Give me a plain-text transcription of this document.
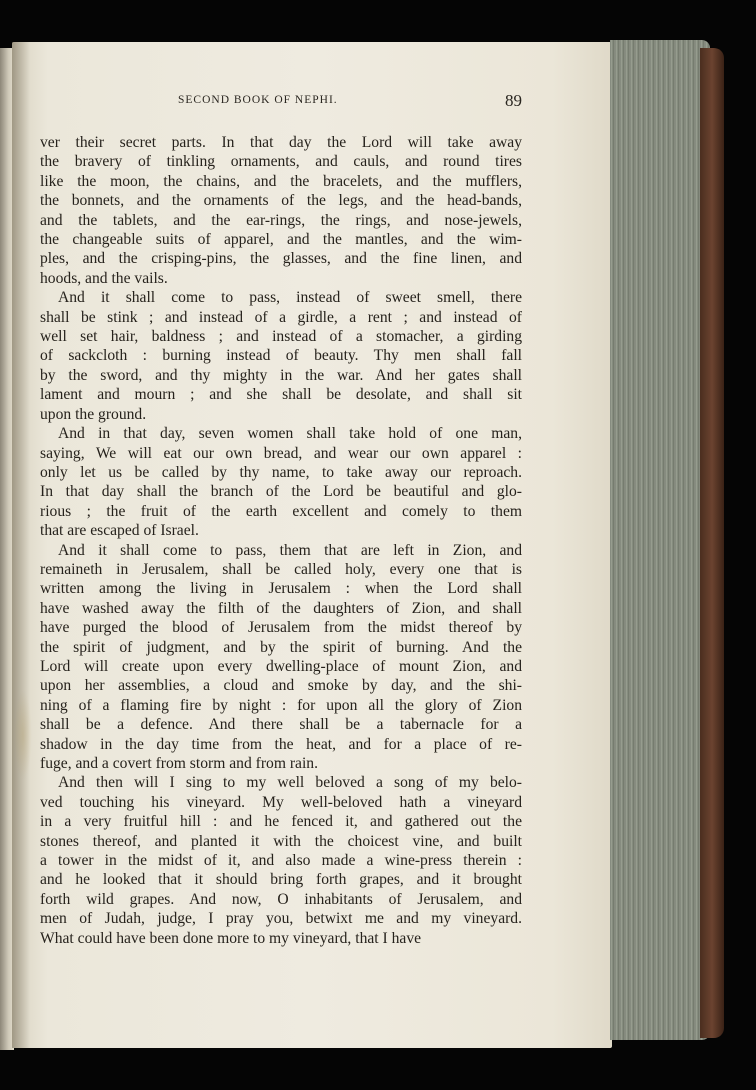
SECOND BOOK OF NEPHI.	89

ver their secret parts. In that day the Lord will take away
the bravery of tinkling ornaments, and cauls, and round tires
like the moon, the chains, and the bracelets, and the mufflers,
the bonnets, and the ornaments of the legs, and the head-bands,
and the tablets, and the ear-rings, the rings, and nose-jewels,
the changeable suits of apparel, and the mantles, and the wim-
ples, and the crisping-pins, the glasses, and the fine linen, and
hoods, and the vails.

And it shall come to pass, instead of sweet smell, there
shall be stink ; and instead of a girdle, a rent ; and instead of
well set hair, baldness ; and instead of a stomacher, a girding
of sackcloth : burning instead of beauty. Thy men shall fall
by the sword, and thy mighty in the war. And her gates shall
lament and mourn ; and she shall be desolate, and shall sit
upon the ground.

And in that day, seven women shall take hold of one man,
saying, We will eat our own bread, and wear our own apparel :
only let us be called by thy name, to take away our reproach.
In that day shall the branch of the Lord be beautiful and glo-
rious ; the fruit of the earth excellent and comely to them
that are escaped of Israel.

And it shall come to pass, them that are left in Zion, and
remaineth in Jerusalem, shall be called holy, every one that is
written among the living in Jerusalem : when the Lord shall
have washed away the filth of the daughters of Zion, and shall
have purged the blood of Jerusalem from the midst thereof by
the spirit of judgment, and by the spirit of burning. And the
Lord will create upon every dwelling-place of mount Zion, and
upon her assemblies, a cloud and smoke by day, and the shi-
ning of a flaming fire by night : for upon all the glory of Zion
shall be a defence. And there shall be a tabernacle for a
shadow in the day time from the heat, and for a place of re-
fuge, and a covert from storm and from rain.

And then will I sing to my well beloved a song of my belo-
ved touching his vineyard. My well-beloved hath a vineyard
in a very fruitful hill : and he fenced it, and gathered out the
stones thereof, and planted it with the choicest vine, and built
a tower in the midst of it, and also made a wine-press therein :
and he looked that it should bring forth grapes, and it brought
forth wild grapes. And now, O inhabitants of Jerusalem, and
men of Judah, judge, I pray you, betwixt me and my vineyard.
What could have been done more to my vineyard, that I have
